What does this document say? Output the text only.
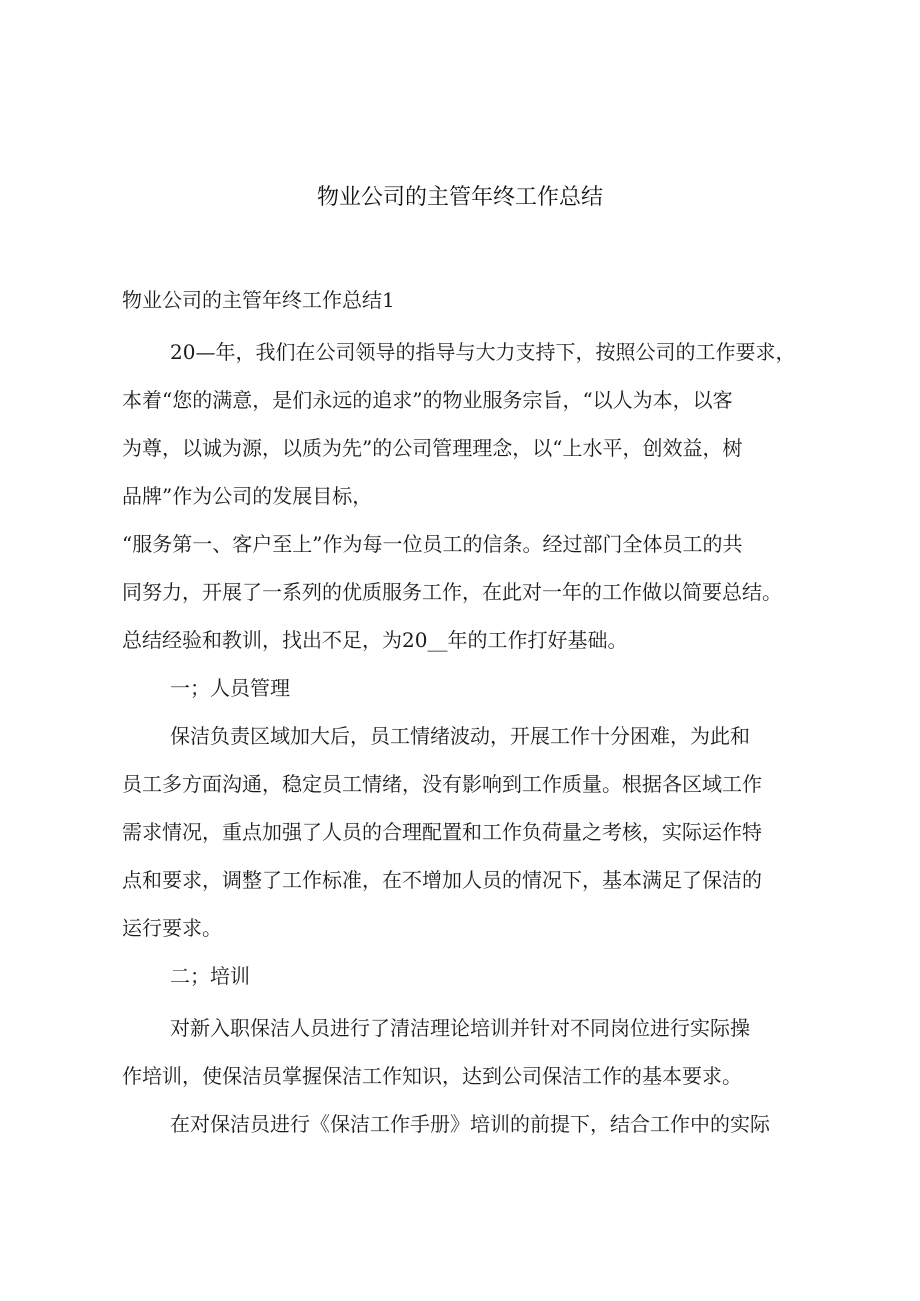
物业公司的主管年终工作总结
物业公司的主管年终工作总结1
20—年，我们在公司领导的指导与大力支持下，按照公司的工作要求，
本着“您的满意，是们永远的追求”的物业服务宗旨，“以人为本，以客
为尊，以诚为源，以质为先”的公司管理理念，以“上水平，创效益，树
品牌”作为公司的发展目标，
“服务第一、客户至上”作为每一位员工的信条。经过部门全体员工的共
同努力，开展了一系列的优质服务工作，在此对一年的工作做以简要总结。
总结经验和教训，找出不足，为20__年的工作打好基础。
一；人员管理
保洁负责区域加大后，员工情绪波动，开展工作十分困难，为此和
员工多方面沟通，稳定员工情绪，没有影响到工作质量。根据各区域工作
需求情况，重点加强了人员的合理配置和工作负荷量之考核，实际运作特
点和要求，调整了工作标准，在不增加人员的情况下，基本满足了保洁的
运行要求。
二；培训
对新入职保洁人员进行了清洁理论培训并针对不同岗位进行实际操
作培训，使保洁员掌握保洁工作知识，达到公司保洁工作的基本要求。
在对保洁员进行《保洁工作手册》培训的前提下，结合工作中的实际
